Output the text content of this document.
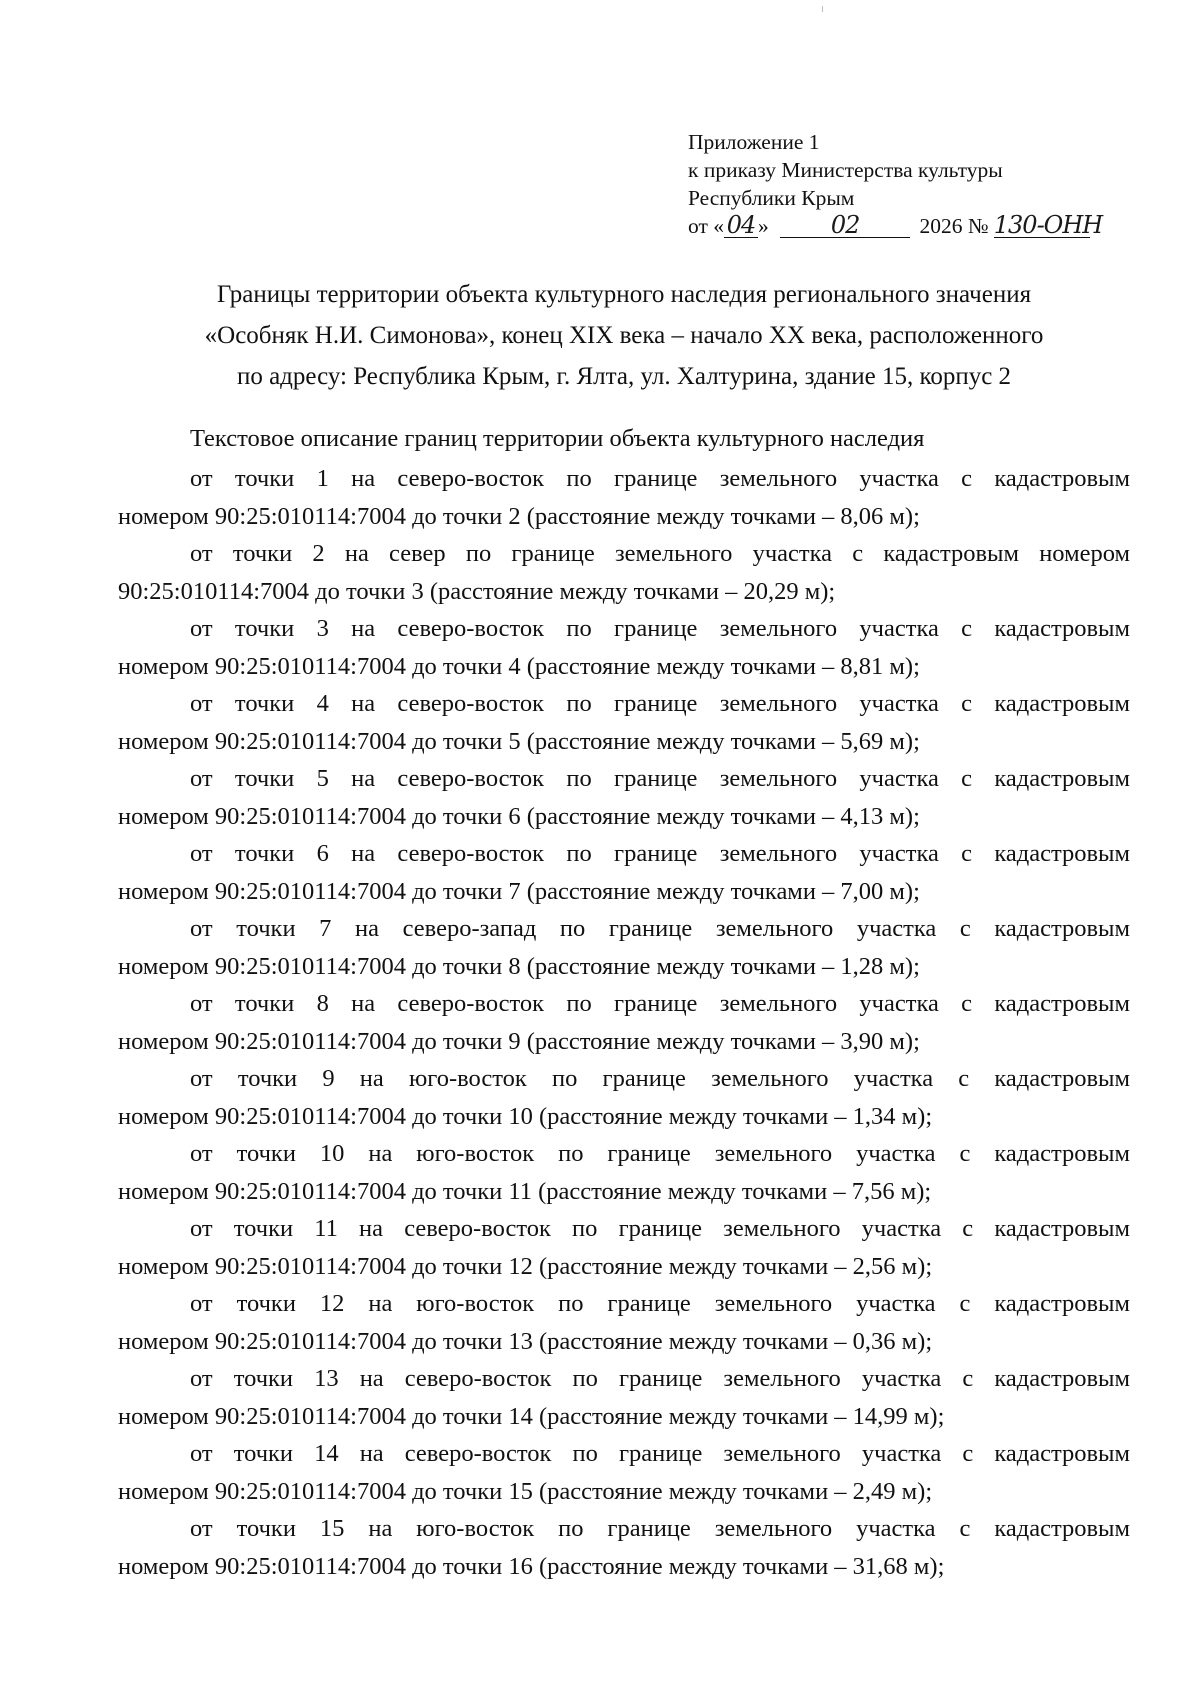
Приложение 1
к приказу Министерства культуры
Республики Крым
от « 04 »	02	2026 № 130-ОНН
Границы территории объекта культурного наследия регионального значения
«Особняк Н.И. Симонова», конец XIX века – начало XX века, расположенного
по адресу: Республика Крым, г. Ялта, ул. Халтурина, здание 15, корпус 2
Текстовое описание границ территории объекта культурного наследия

от точки 1 на северо-восток по границе земельного участка с кадастровым
номером 90:25:010114:7004 до точки 2 (расстояние между точками – 8,06 м);

от точки 2 на север по границе земельного участка с кадастровым номером
90:25:010114:7004 до точки 3 (расстояние между точками – 20,29 м);

от точки 3 на северо-восток по границе земельного участка с кадастровым
номером 90:25:010114:7004 до точки 4 (расстояние между точками – 8,81 м);

от точки 4 на северо-восток по границе земельного участка с кадастровым
номером 90:25:010114:7004 до точки 5 (расстояние между точками – 5,69 м);

от точки 5 на северо-восток по границе земельного участка с кадастровым
номером 90:25:010114:7004 до точки 6 (расстояние между точками – 4,13 м);

от точки 6 на северо-восток по границе земельного участка с кадастровым
номером 90:25:010114:7004 до точки 7 (расстояние между точками – 7,00 м);

от точки 7 на северо-запад по границе земельного участка с кадастровым
номером 90:25:010114:7004 до точки 8 (расстояние между точками – 1,28 м);

от точки 8 на северо-восток по границе земельного участка с кадастровым
номером 90:25:010114:7004 до точки 9 (расстояние между точками – 3,90 м);

от точки 9 на юго-восток по границе земельного участка с кадастровым
номером 90:25:010114:7004 до точки 10 (расстояние между точками – 1,34 м);

от точки 10 на юго-восток по границе земельного участка с кадастровым
номером 90:25:010114:7004 до точки 11 (расстояние между точками – 7,56 м);

от точки 11 на северо-восток по границе земельного участка с кадастровым
номером 90:25:010114:7004 до точки 12 (расстояние между точками – 2,56 м);

от точки 12 на юго-восток по границе земельного участка с кадастровым
номером 90:25:010114:7004 до точки 13 (расстояние между точками – 0,36 м);

от точки 13 на северо-восток по границе земельного участка с кадастровым
номером 90:25:010114:7004 до точки 14 (расстояние между точками – 14,99 м);

от точки 14 на северо-восток по границе земельного участка с кадастровым
номером 90:25:010114:7004 до точки 15 (расстояние между точками – 2,49 м);

от точки 15 на юго-восток по границе земельного участка с кадастровым
номером 90:25:010114:7004 до точки 16 (расстояние между точками – 31,68 м);
